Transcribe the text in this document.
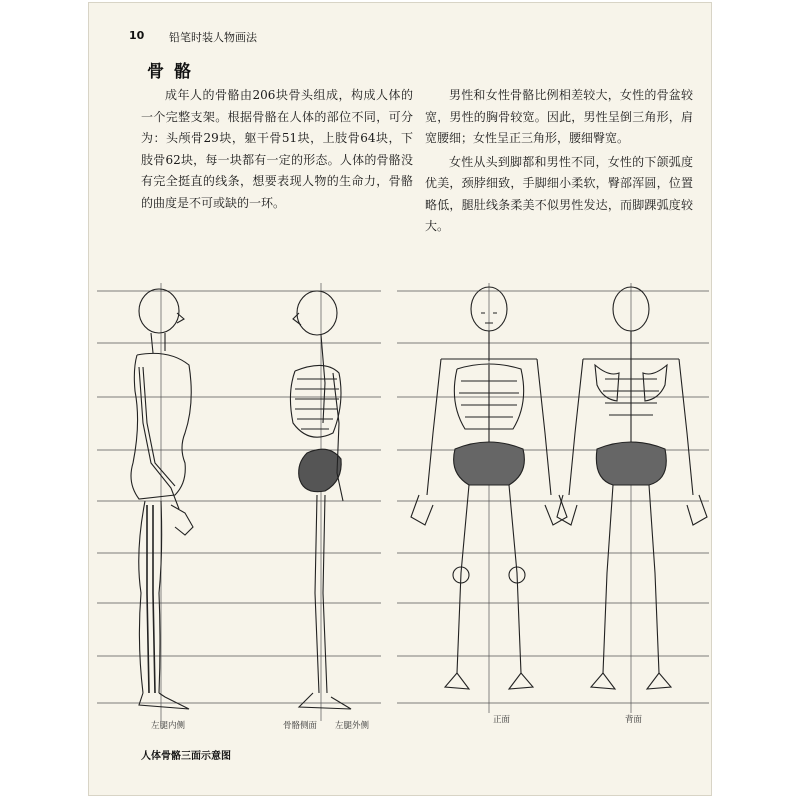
10 铅笔时装人物画法
骨骼

成年人的骨骼由206块骨头组成，构成人体的一个完整支架。根据骨骼在人体的部位不同，可分为：头颅骨29块，躯干骨51块，上肢骨64块，下肢骨62块，每一块都有一定的形态。人体的骨骼没有完全挺直的线条，想要表现人物的生命力，骨骼的曲度是不可或缺的一环。

男性和女性骨骼比例相差较大，女性的骨盆较宽，男性的胸骨较宽。因此，男性呈倒三角形，肩宽腰细；女性呈正三角形，腰细臀宽。

女性从头到脚都和男性不同，女性的下颌弧度优美，颈脖细致，手脚细小柔软，臀部浑圆，位置略低，腿肚线条柔美不似男性发达，而脚踝弧度较大。

左腿内侧	骨骼侧面 左腿外侧
正面	背面
人体骨骼三面示意图
